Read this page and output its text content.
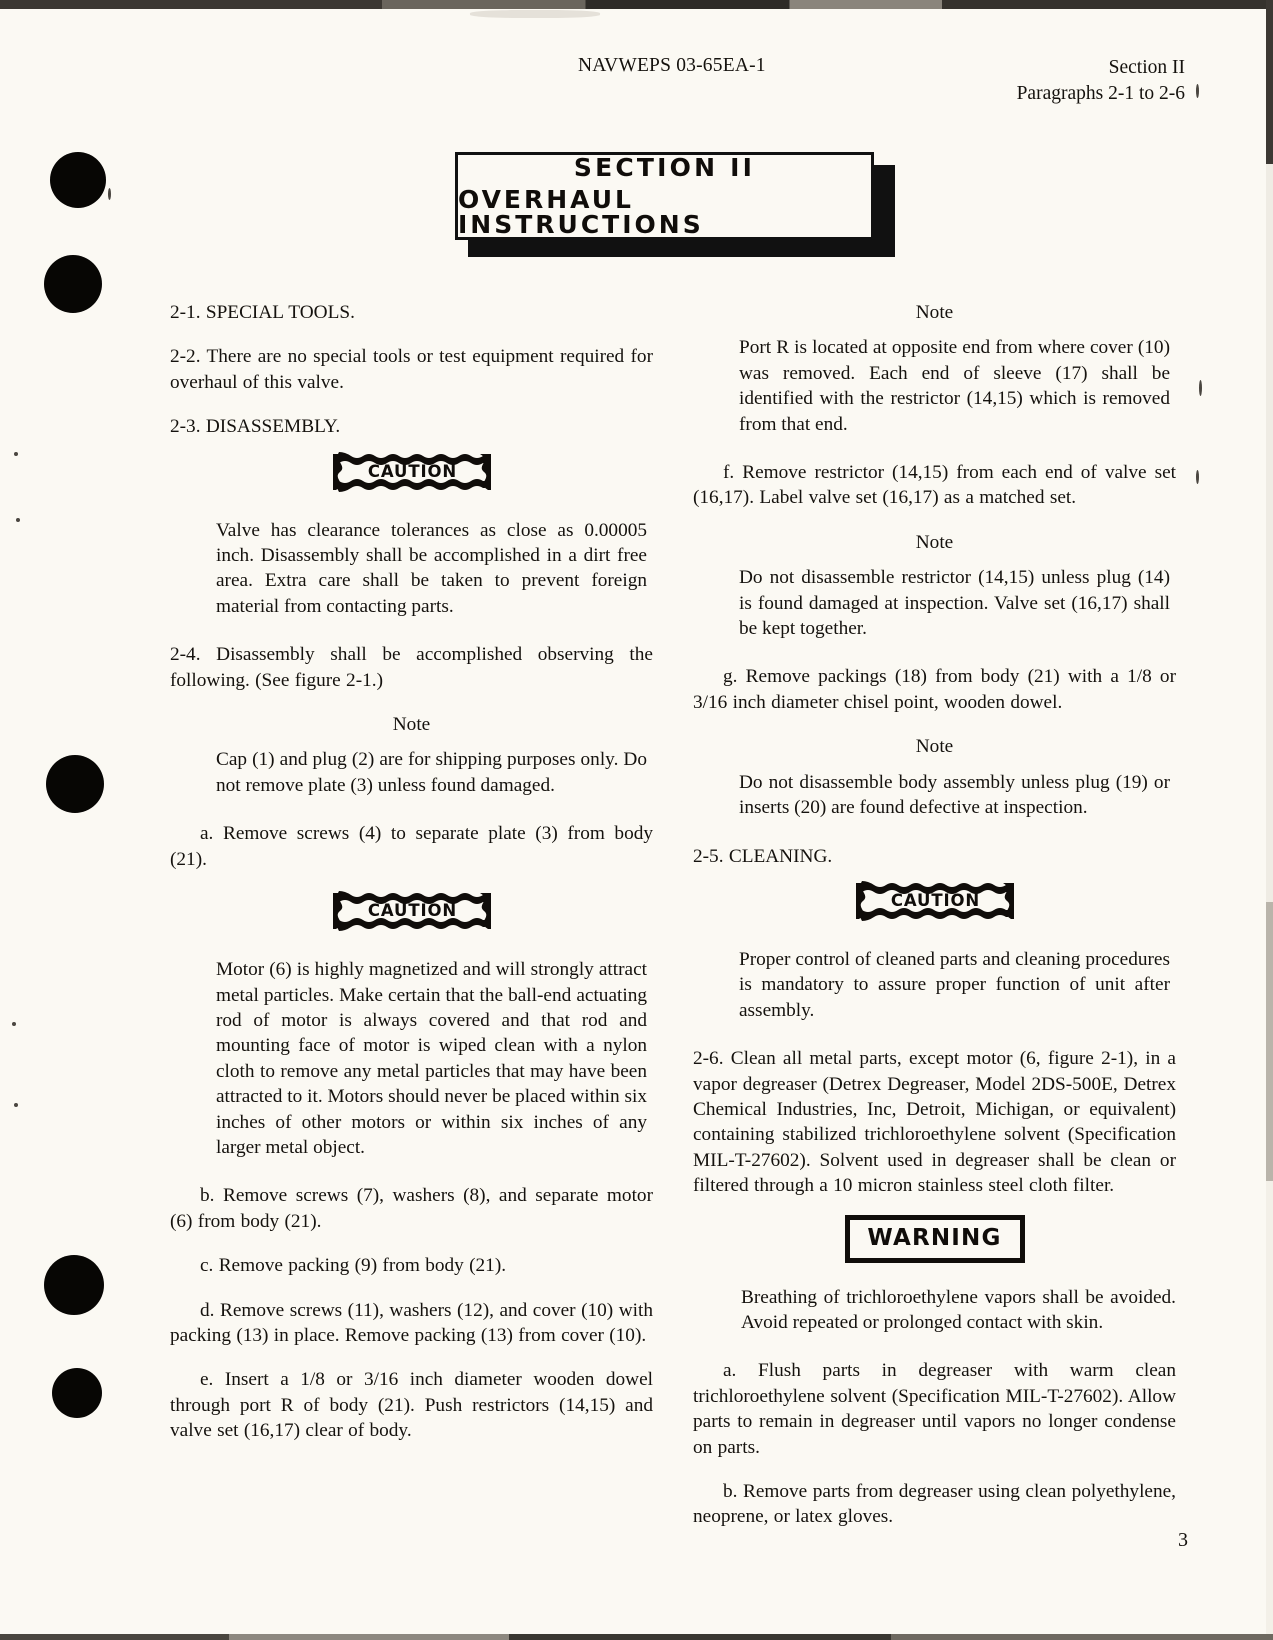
NAVWEPS 03-65EA-1	Section II
Paragraphs 2-1 to 2-6
SECTION II
OVERHAUL INSTRUCTIONS

2-1. SPECIAL TOOLS.

2-2. There are no special tools or test equipment required for overhaul of this valve.

2-3. DISASSEMBLY.

CAUTION

Valve has clearance tolerances as close as 0.00005 inch. Disassembly shall be accomplished in a dirt free area. Extra care shall be taken to prevent foreign material from contacting parts.

2-4. Disassembly shall be accomplished observing the following. (See figure 2-1.)

Note

Cap (1) and plug (2) are for shipping purposes only. Do not remove plate (3) unless found damaged.

a. Remove screws (4) to separate plate (3) from body (21).

CAUTION

Motor (6) is highly magnetized and will strongly attract metal particles. Make certain that the ball-end actuating rod of motor is always covered and that rod and mounting face of motor is wiped clean with a nylon cloth to remove any metal particles that may have been attracted to it. Motors should never be placed within six inches of other motors or within six inches of any larger metal object.

b. Remove screws (7), washers (8), and separate motor (6) from body (21).

c. Remove packing (9) from body (21).

d. Remove screws (11), washers (12), and cover (10) with packing (13) in place. Remove packing (13) from cover (10).

e. Insert a 1/8 or 3/16 inch diameter wooden dowel through port R of body (21). Push restrictors (14,15) and valve set (16,17) clear of body.

Note

Port R is located at opposite end from where cover (10) was removed. Each end of sleeve (17) shall be identified with the restrictor (14,15) which is removed from that end.

f. Remove restrictor (14,15) from each end of valve set (16,17). Label valve set (16,17) as a matched set.

Note

Do not disassemble restrictor (14,15) unless plug (14) is found damaged at inspection. Valve set (16,17) shall be kept together.

g. Remove packings (18) from body (21) with a 1/8 or 3/16 inch diameter chisel point, wooden dowel.

Note

Do not disassemble body assembly unless plug (19) or inserts (20) are found defective at inspection.

2-5. CLEANING.

CAUTION

Proper control of cleaned parts and cleaning procedures is mandatory to assure proper function of unit after assembly.

2-6. Clean all metal parts, except motor (6, figure 2-1), in a vapor degreaser (Detrex Degreaser, Model 2DS-500E, Detrex Chemical Industries, Inc, Detroit, Michigan, or equivalent) containing stabilized trichloroethylene solvent (Specification MIL-T-27602). Solvent used in degreaser shall be clean or filtered through a 10 micron stainless steel cloth filter.

WARNING

Breathing of trichloroethylene vapors shall be avoided. Avoid repeated or prolonged contact with skin.

a. Flush parts in degreaser with warm clean trichloroethylene solvent (Specification MIL-T-27602). Allow parts to remain in degreaser until vapors no longer condense on parts.

b. Remove parts from degreaser using clean polyethylene, neoprene, or latex gloves.

3
